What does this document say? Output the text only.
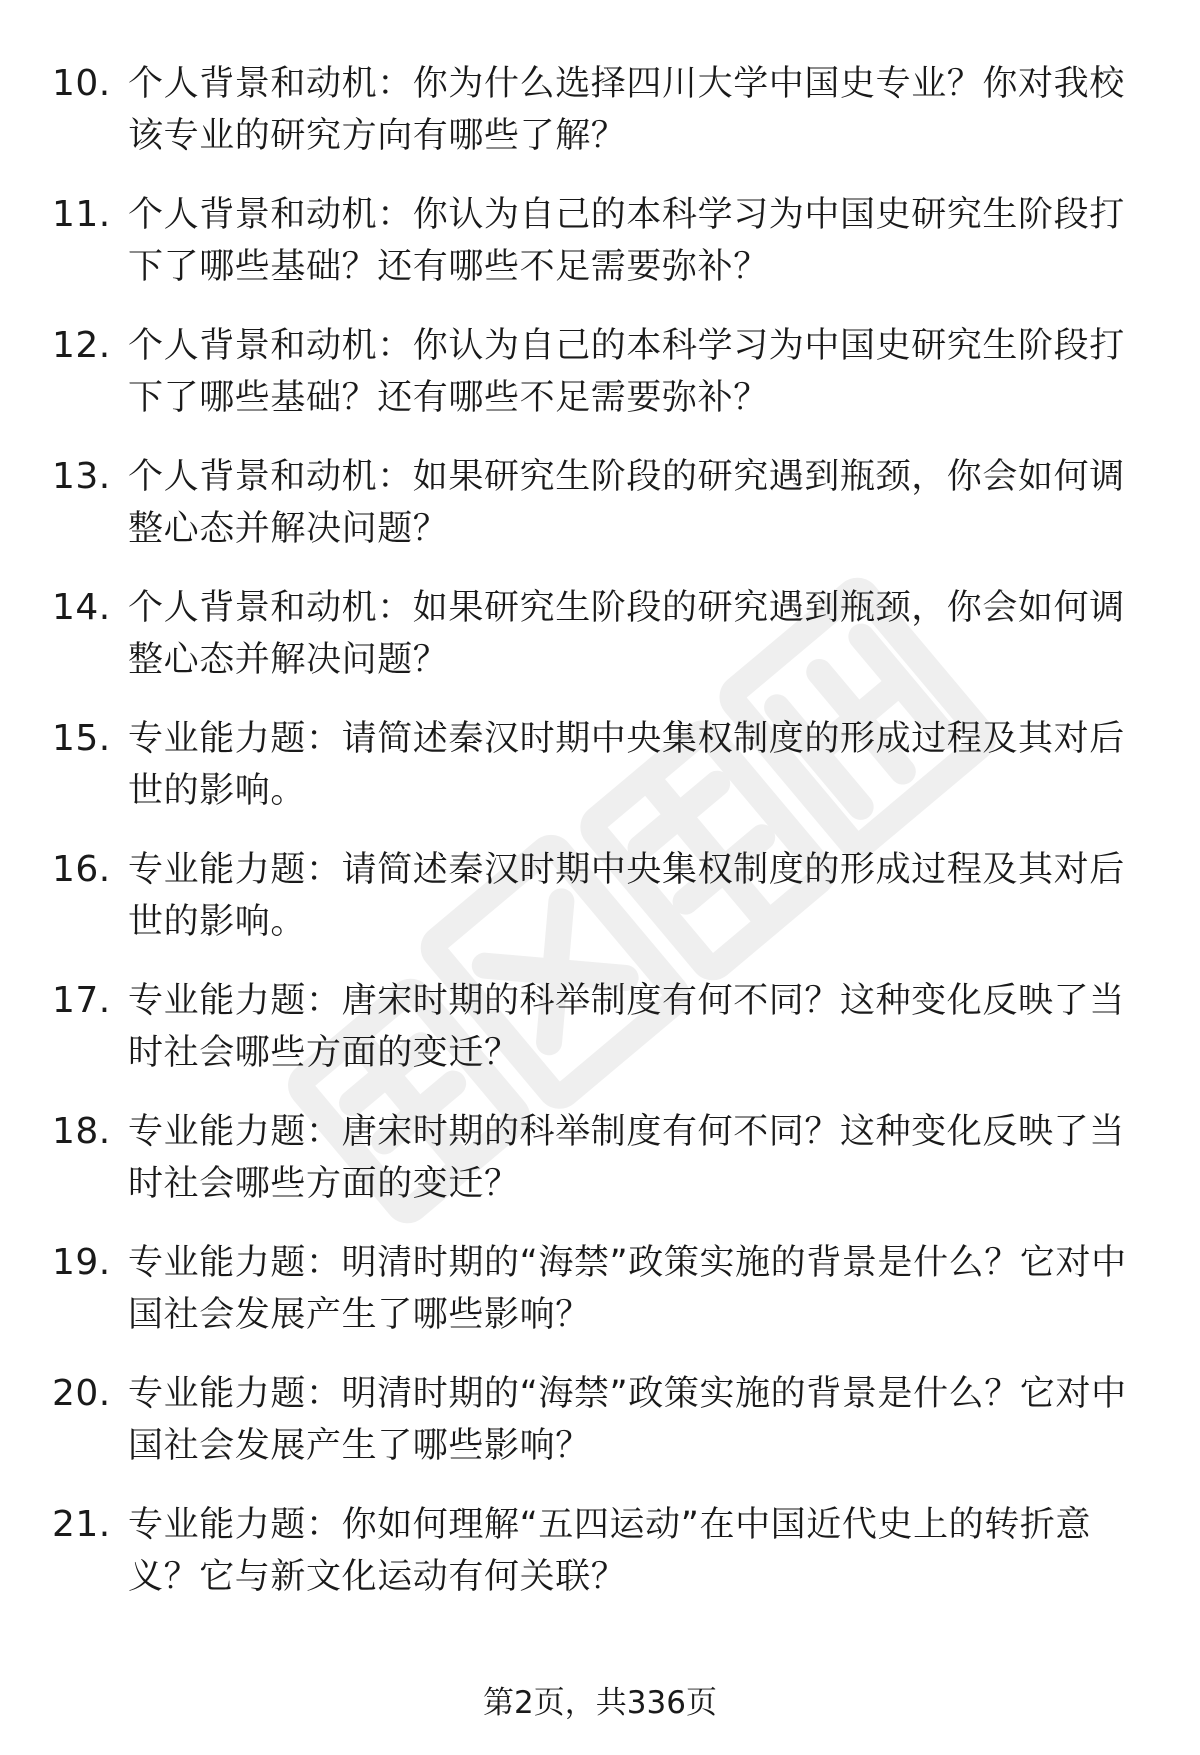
10. 个人背景和动机：你为什么选择四川大学中国史专业？你对我校该专业的研究方向有哪些了解？
11. 个人背景和动机：你认为自己的本科学习为中国史研究生阶段打下了哪些基础？还有哪些不足需要弥补？
12. 个人背景和动机：你认为自己的本科学习为中国史研究生阶段打下了哪些基础？还有哪些不足需要弥补？
13. 个人背景和动机：如果研究生阶段的研究遇到瓶颈，你会如何调整心态并解决问题？
14. 个人背景和动机：如果研究生阶段的研究遇到瓶颈，你会如何调整心态并解决问题？
15. 专业能力题：请简述秦汉时期中央集权制度的形成过程及其对后世的影响。
16. 专业能力题：请简述秦汉时期中央集权制度的形成过程及其对后世的影响。
17. 专业能力题：唐宋时期的科举制度有何不同？这种变化反映了当时社会哪些方面的变迁？
18. 专业能力题：唐宋时期的科举制度有何不同？这种变化反映了当时社会哪些方面的变迁？
19. 专业能力题：明清时期的“海禁”政策实施的背景是什么？它对中国社会发展产生了哪些影响？
20. 专业能力题：明清时期的“海禁”政策实施的背景是什么？它对中国社会发展产生了哪些影响？
21. 专业能力题：你如何理解“五四运动”在中国近代史上的转折意义？它与新文化运动有何关联？
第2页，共336页
